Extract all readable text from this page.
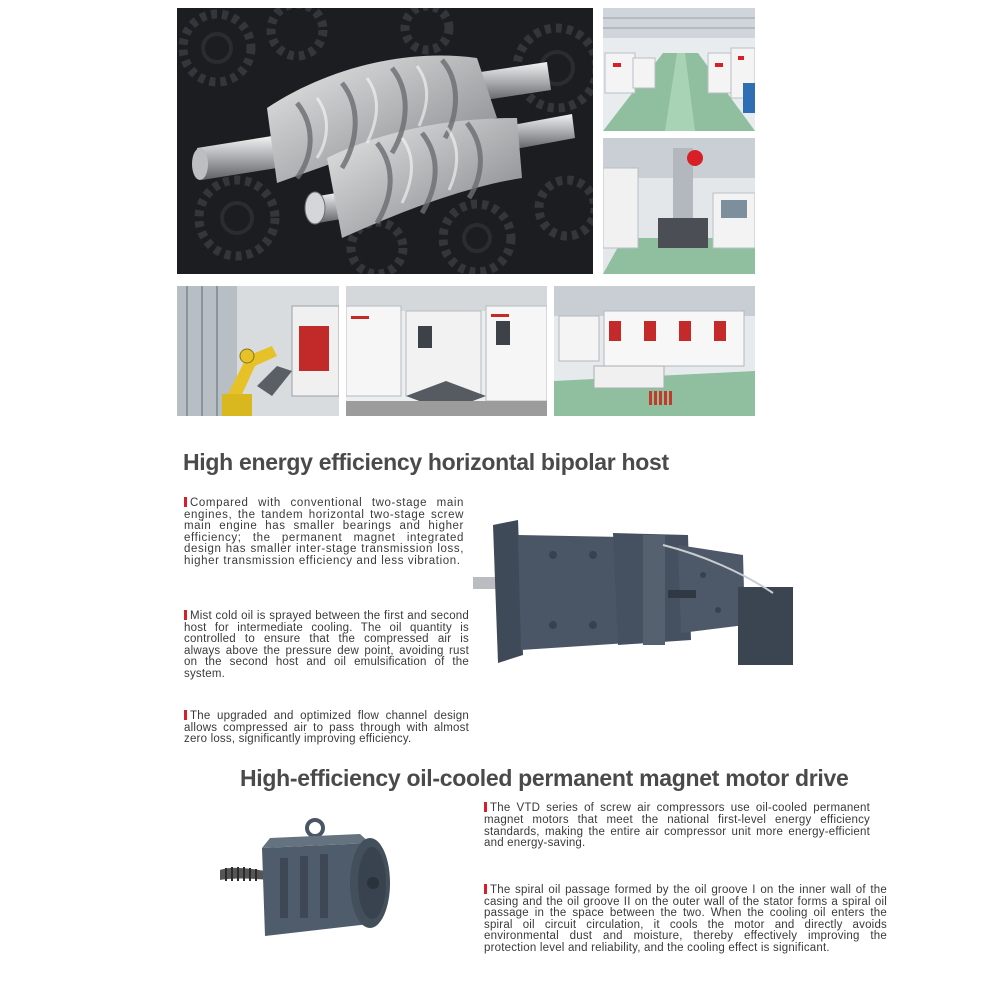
High energy efficiency horizontal bipolar host

Compared with conventional two-stage main engines, the tandem horizontal two-stage screw main engine has smaller bearings and higher efficiency; the permanent magnet integrated design has smaller inter-stage transmission loss, higher transmission efficiency and less vibration.

Mist cold oil is sprayed between the first and second host for intermediate cooling. The oil quantity is controlled to ensure that the compressed air is always above the pressure dew point, avoiding rust on the second host and oil emulsification of the system.

The upgraded and optimized flow channel design allows compressed air to pass through with almost zero loss, significantly improving efficiency.

High-efficiency oil-cooled permanent magnet motor drive

The VTD series of screw air compressors use oil-cooled permanent magnet motors that meet the national first-level energy efficiency standards, making the entire air compressor unit more energy-efficient and energy-saving.

The spiral oil passage formed by the oil groove I on the inner wall of the casing and the oil groove II on the outer wall of the stator forms a spiral oil passage in the space between the two. When the cooling oil enters the spiral oil circuit circulation, it cools the motor and directly avoids environmental dust and moisture, thereby effectively improving the protection level and reliability, and the cooling effect is significant.
